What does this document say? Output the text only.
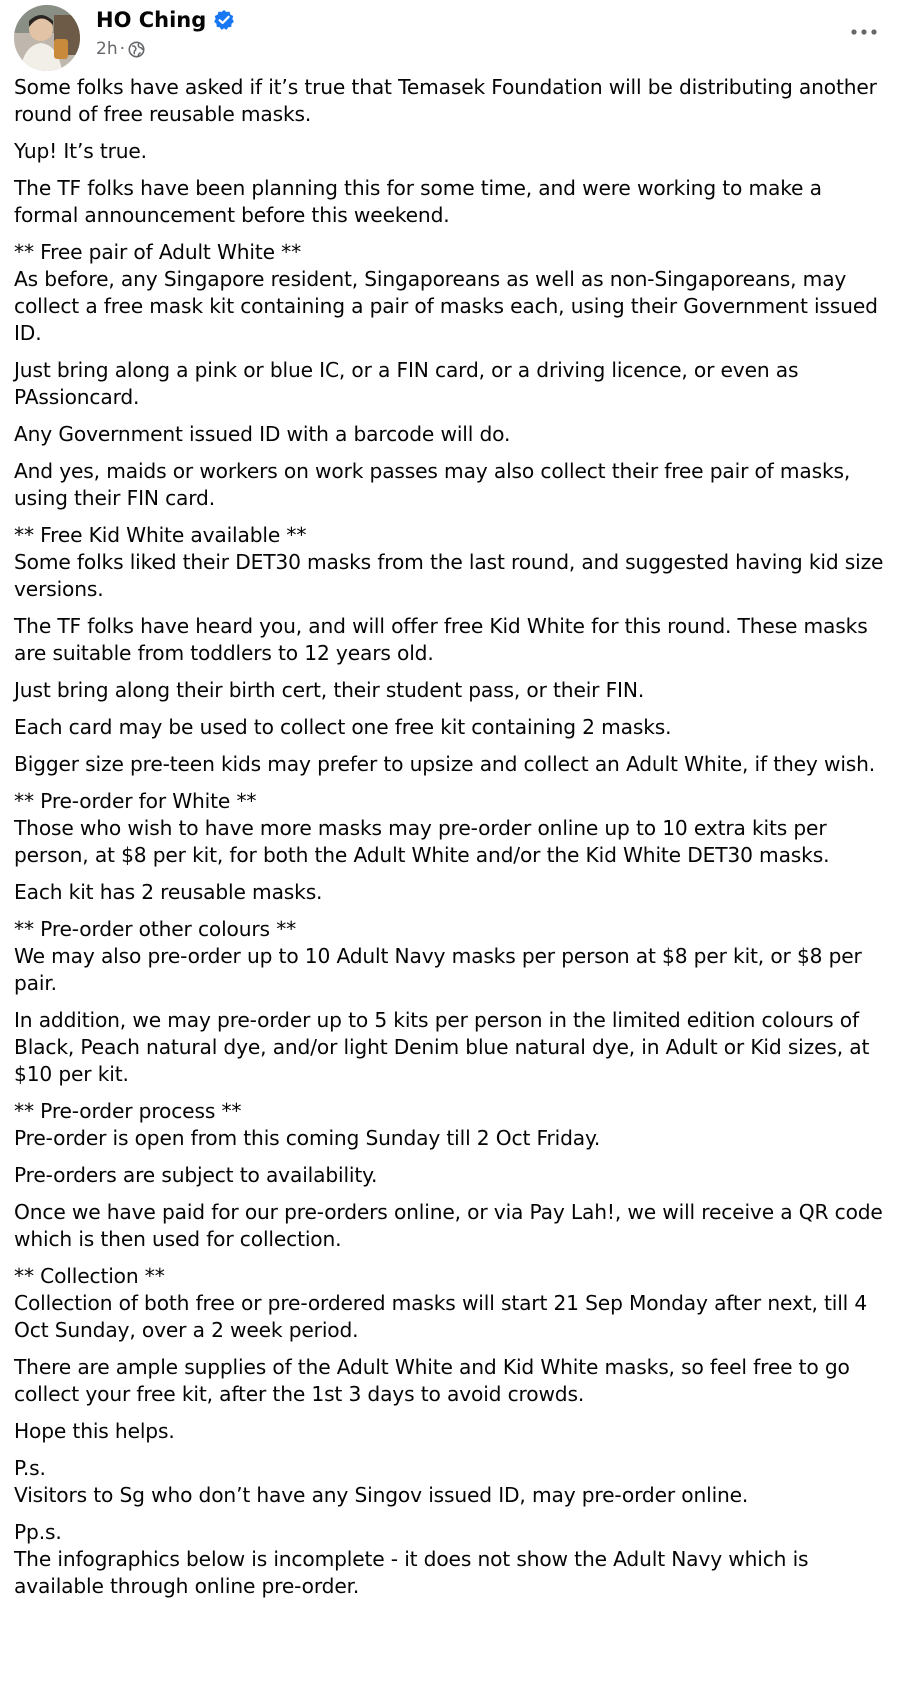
HO Ching
2h ·
Some folks have asked if it’s true that Temasek Foundation will be distributing another round of free reusable masks.
Yup! It’s true.
The TF folks have been planning this for some time, and were working to make a formal announcement before this weekend.
** Free pair of Adult White **
As before, any Singapore resident, Singaporeans as well as non-Singaporeans, may collect a free mask kit containing a pair of masks each, using their Government issued ID.
Just bring along a pink or blue IC, or a FIN card, or a driving licence, or even as PAssioncard.
Any Government issued ID with a barcode will do.
And yes, maids or workers on work passes may also collect their free pair of masks, using their FIN card.
** Free Kid White available **
Some folks liked their DET30 masks from the last round, and suggested having kid size versions.
The TF folks have heard you, and will offer free Kid White for this round. These masks are suitable from toddlers to 12 years old.
Just bring along their birth cert, their student pass, or their FIN.
Each card may be used to collect one free kit containing 2 masks.
Bigger size pre-teen kids may prefer to upsize and collect an Adult White, if they wish.
** Pre-order for White **
Those who wish to have more masks may pre-order online up to 10 extra kits per person, at $8 per kit, for both the Adult White and/or the Kid White DET30 masks.
Each kit has 2 reusable masks.
** Pre-order other colours **
We may also pre-order up to 10 Adult Navy masks per person at $8 per kit, or $8 per pair.
In addition, we may pre-order up to 5 kits per person in the limited edition colours of Black, Peach natural dye, and/or light Denim blue natural dye, in Adult or Kid sizes, at $10 per kit.
** Pre-order process **
Pre-order is open from this coming Sunday till 2 Oct Friday.
Pre-orders are subject to availability.
Once we have paid for our pre-orders online, or via Pay Lah!, we will receive a QR code which is then used for collection.
** Collection **
Collection of both free or pre-ordered masks will start 21 Sep Monday after next, till 4 Oct Sunday, over a 2 week period.
There are ample supplies of the Adult White and Kid White masks, so feel free to go collect your free kit, after the 1st 3 days to avoid crowds.
Hope this helps.
P.s.
Visitors to Sg who don’t have any Singov issued ID, may pre-order online.
Pp.s.
The infographics below is incomplete - it does not show the Adult Navy which is available through online pre-order.
